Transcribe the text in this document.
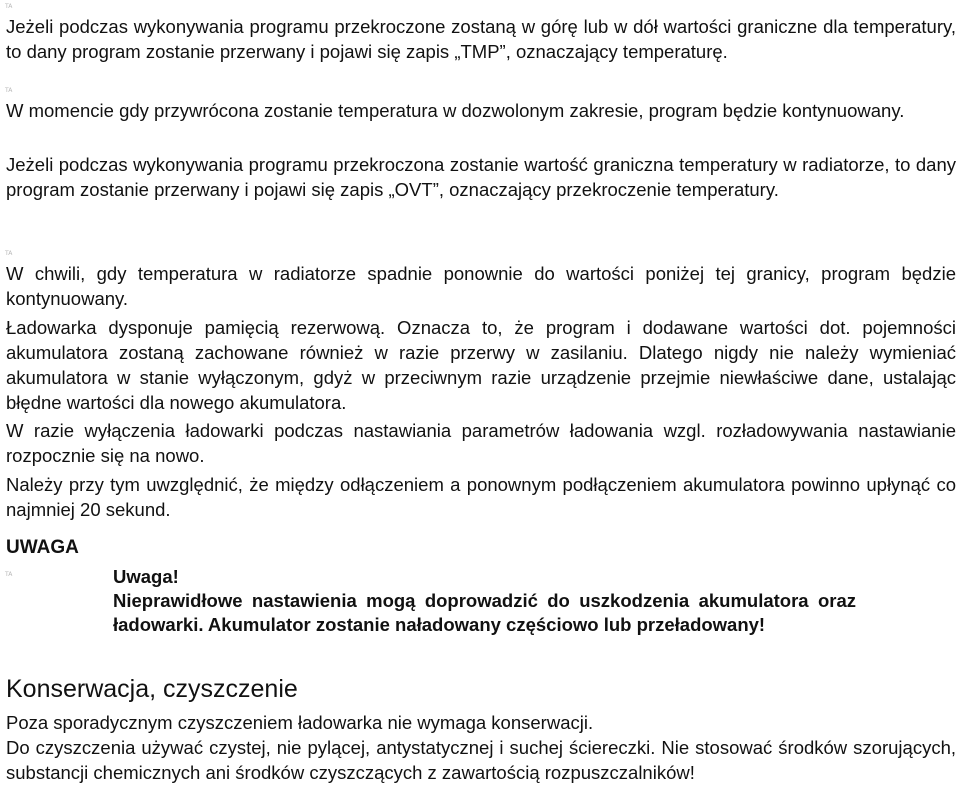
TA

Jeżeli podczas wykonywania programu przekroczone zostaną w górę lub w dół wartości graniczne dla temperatury, to dany program zostanie przerwany i pojawi się zapis „TMP”, oznaczający temperaturę.

TA

W momencie gdy przywrócona zostanie temperatura w dozwolonym zakresie, program będzie kontynuowany.

Jeżeli podczas wykonywania programu przekroczona zostanie wartość graniczna temperatury w radiatorze, to dany program zostanie przerwany i pojawi się zapis „OVT”, oznaczający przekroczenie temperatury.

TA

W chwili, gdy temperatura w radiatorze spadnie ponownie do wartości poniżej tej granicy, program będzie kontynuowany.

Ładowarka dysponuje pamięcią rezerwową. Oznacza to, że program i dodawane wartości dot. pojemności akumulatora zostaną zachowane również w razie przerwy w zasilaniu. Dlatego nigdy nie należy wymieniać akumulatora w stanie wyłączonym, gdyż w przeciwnym razie urządzenie przejmie niewłaściwe dane, ustalając błędne wartości dla nowego akumulatora.

W razie wyłączenia ładowarki podczas nastawiania parametrów ładowania wzgl. rozładowywania nastawianie rozpocznie się na nowo.

Należy przy tym uwzględnić, że między odłączeniem a ponownym podłączeniem akumulatora powinno upłynąć co najmniej 20 sekund.

UWAGA
TA	Uwaga!

Nieprawidłowe nastawienia mogą doprowadzić do uszkodzenia akumulatora oraz ładowarki. Akumulator zostanie naładowany częściowo lub przeładowany!

Konserwacja, czyszczenie

Poza sporadycznym czyszczeniem ładowarka nie wymaga konserwacji.

Do czyszczenia używać czystej, nie pylącej, antystatycznej i suchej ściereczki. Nie stosować środków szorujących, substancji chemicznych ani środków czyszczących z zawartością rozpuszczalników!
